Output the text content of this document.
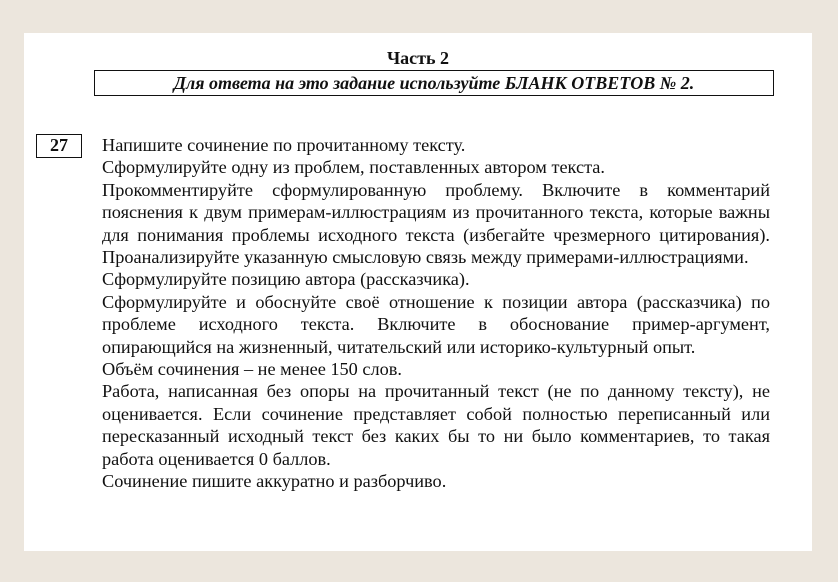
Часть 2
Для ответа на это задание используйте БЛАНК ОТВЕТОВ № 2.
27	Напишите сочинение по прочитанному тексту.

Сформулируйте одну из проблем, поставленных автором текста.

Прокомментируйте сформулированную проблему. Включите в комментарий пояснения к двум примерам-иллюстрациям из прочитанного текста, которые важны для понимания проблемы исходного текста (избегайте чрезмерного цитирования). Проанализируйте указанную смысловую связь между примерами-иллюстрациями.

Сформулируйте позицию автора (рассказчика).

Сформулируйте и обоснуйте своё отношение к позиции автора (рассказчика) по проблеме исходного текста. Включите в обоснование пример-аргумент, опирающийся на жизненный, читательский или историко-культурный опыт.

Объём сочинения – не менее 150 слов.

Работа, написанная без опоры на прочитанный текст (не по данному тексту), не оценивается. Если сочинение представляет собой полностью переписанный или пересказанный исходный текст без каких бы то ни было комментариев, то такая работа оценивается 0 баллов.

Сочинение пишите аккуратно и разборчиво.
